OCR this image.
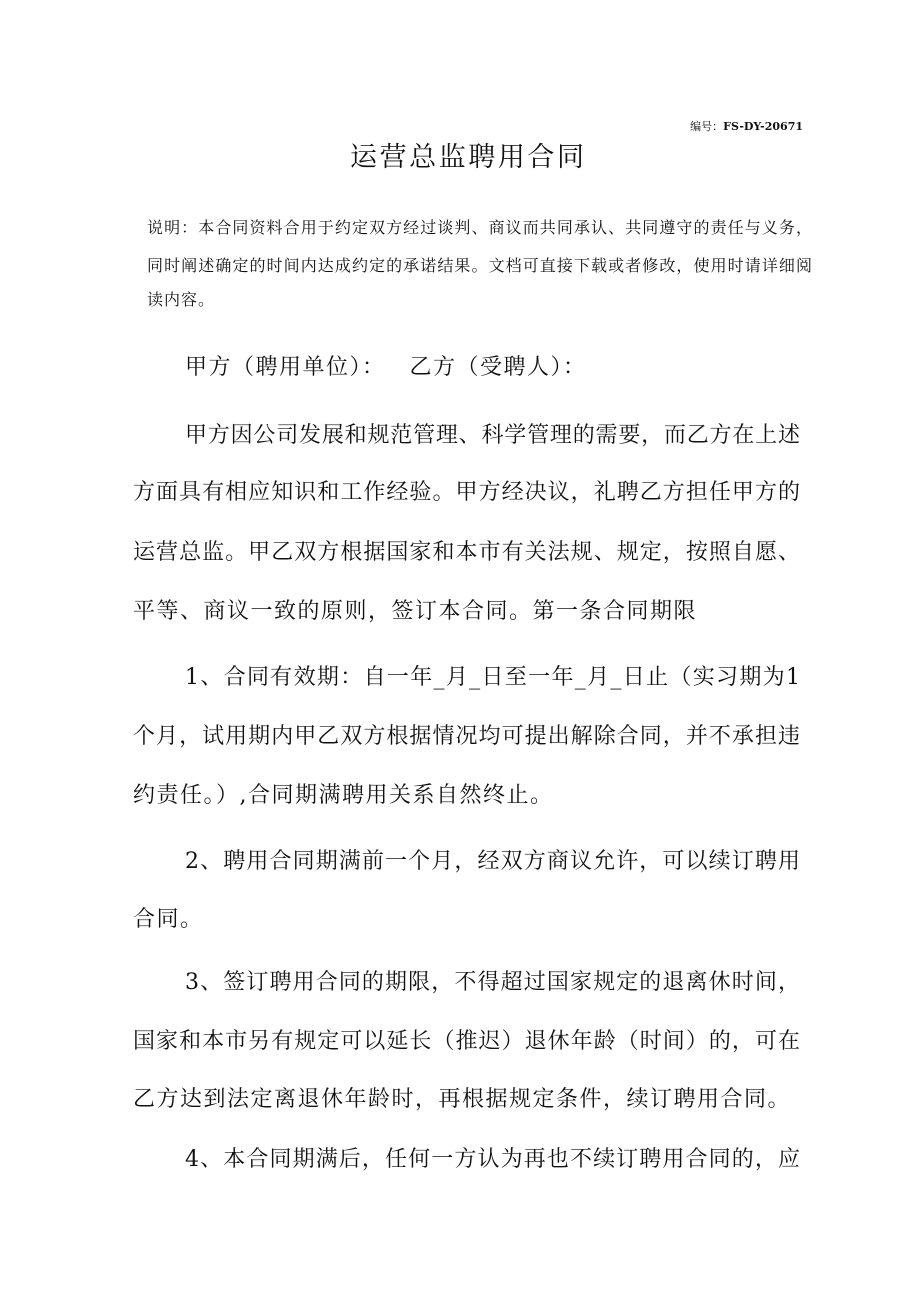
编号：FS-DY-20671
运营总监聘用合同
说明：本合同资料合用于约定双方经过谈判、商议而共同承认、共同遵守的责任与义务，
同时阐述确定的时间内达成约定的承诺结果。文档可直接下载或者修改，使用时请详细阅
读内容。
甲方（聘用单位）： 乙方（受聘人）：
甲方因公司发展和规范管理、科学管理的需要，而乙方在上述
方面具有相应知识和工作经验。甲方经决议，礼聘乙方担任甲方的
运营总监。甲乙双方根据国家和本市有关法规、规定，按照自愿、
平等、商议一致的原则，签订本合同。第一条合同期限
1、合同有效期：自一年_月_日至一年_月_日止（实习期为1
个月，试用期内甲乙双方根据情况均可提出解除合同，并不承担违
约责任。）,合同期满聘用关系自然终止。
2、聘用合同期满前一个月，经双方商议允许，可以续订聘用
合同。
3、签订聘用合同的期限，不得超过国家规定的退离休时间，
国家和本市另有规定可以延长（推迟）退休年龄（时间）的，可在
乙方达到法定离退休年龄时，再根据规定条件，续订聘用合同。
4、本合同期满后，任何一方认为再也不续订聘用合同的，应
